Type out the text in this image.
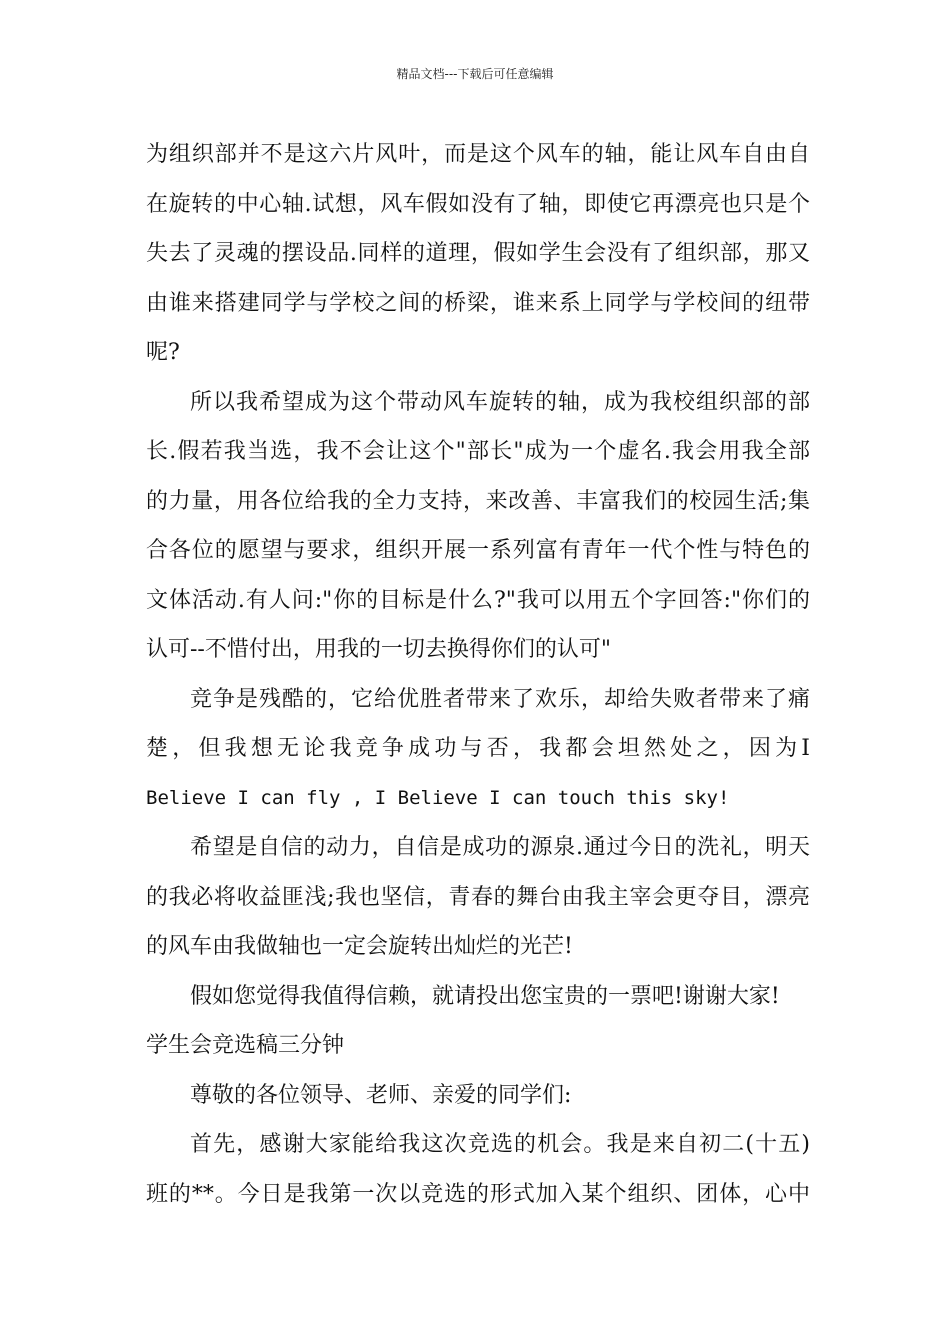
精品文档---下载后可任意编辑
为组织部并不是这六片风叶，而是这个风车的轴，能让风车自由自
在旋转的中心轴.试想，风车假如没有了轴，即使它再漂亮也只是个
失去了灵魂的摆设品.同样的道理，假如学生会没有了组织部，那又
由谁来搭建同学与学校之间的桥梁，谁来系上同学与学校间的纽带
呢?
所以我希望成为这个带动风车旋转的轴，成为我校组织部的部
长.假若我当选，我不会让这个"部长"成为一个虚名.我会用我全部
的力量，用各位给我的全力支持，来改善、丰富我们的校园生活;集
合各位的愿望与要求，组织开展一系列富有青年一代个性与特色的
文体活动.有人问:"你的目标是什么?"我可以用五个字回答:"你们的
认可--不惜付出，用我的一切去换得你们的认可"
竞争是残酷的，它给优胜者带来了欢乐，却给失败者带来了痛
楚，但我想无论我竞争成功与否，我都会坦然处之，因为I
Believe I can fly , I Believe I can touch this sky!
希望是自信的动力，自信是成功的源泉.通过今日的洗礼，明天
的我必将收益匪浅;我也坚信，青春的舞台由我主宰会更夺目，漂亮
的风车由我做轴也一定会旋转出灿烂的光芒!
假如您觉得我值得信赖，就请投出您宝贵的一票吧!谢谢大家!
学生会竞选稿三分钟
尊敬的各位领导、老师、亲爱的同学们:
首先，感谢大家能给我这次竞选的机会。我是来自初二(十五)
班的**。今日是我第一次以竞选的形式加入某个组织、团体，心中
